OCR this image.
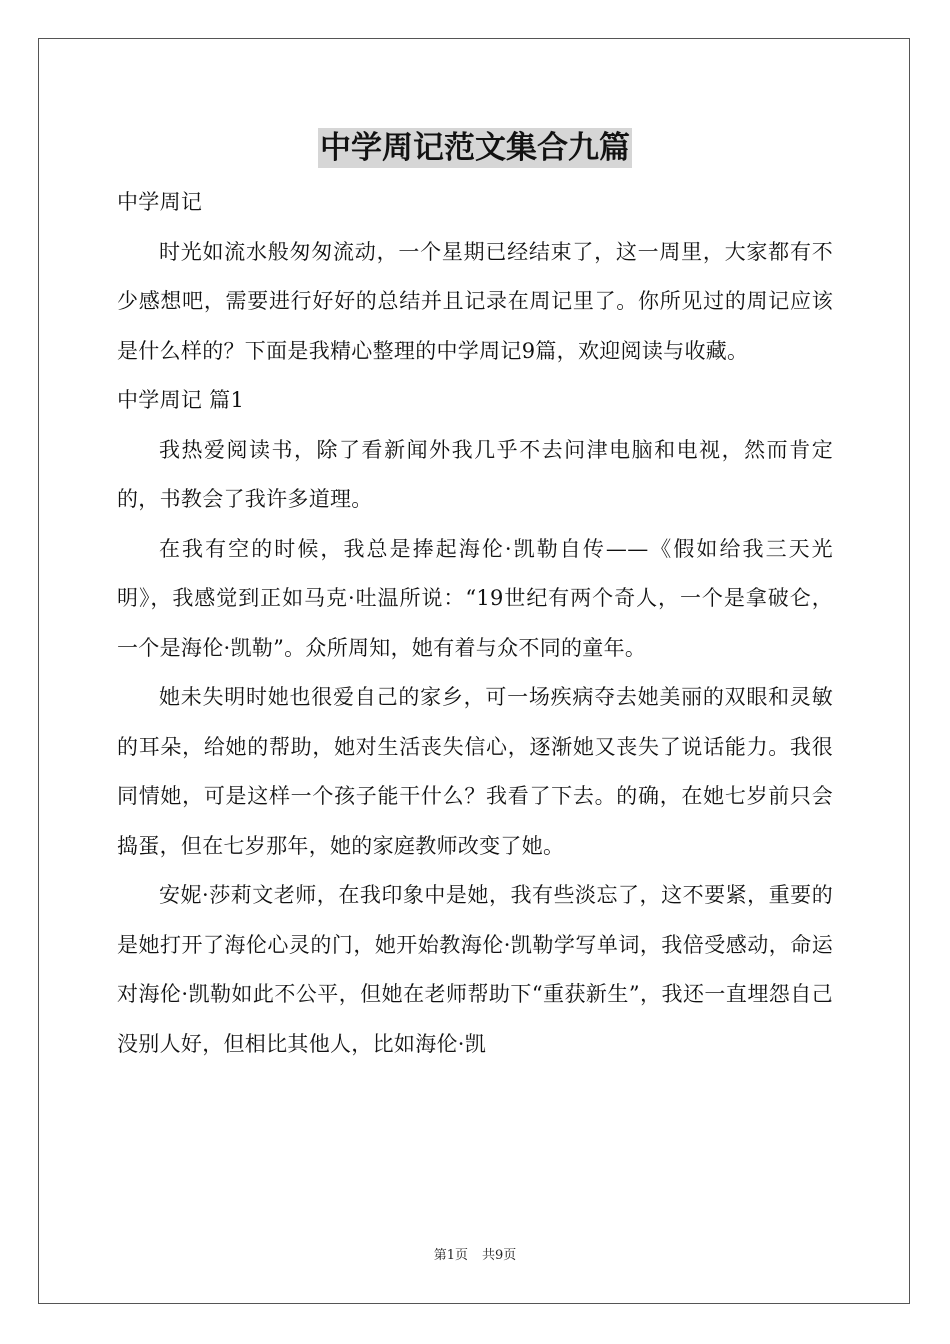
中学周记范文集合九篇

中学周记

时光如流水般匆匆流动，一个星期已经结束了，这一周里，大家都有不少感想吧，需要进行好好的总结并且记录在周记里了。你所见过的周记应该是什么样的？下面是我精心整理的中学周记9篇，欢迎阅读与收藏。

中学周记 篇1

我热爱阅读书，除了看新闻外我几乎不去问津电脑和电视，然而肯定的，书教会了我许多道理。

在我有空的时候，我总是捧起海伦·凯勒自传——《假如给我三天光明》，我感觉到正如马克·吐温所说：“19世纪有两个奇人，一个是拿破仑，一个是海伦·凯勒”。众所周知，她有着与众不同的童年。

她未失明时她也很爱自己的家乡，可一场疾病夺去她美丽的双眼和灵敏的耳朵，给她的帮助，她对生活丧失信心，逐渐她又丧失了说话能力。我很同情她，可是这样一个孩子能干什么？我看了下去。的确，在她七岁前只会捣蛋，但在七岁那年，她的家庭教师改变了她。

安妮·莎莉文老师，在我印象中是她，我有些淡忘了，这不要紧，重要的是她打开了海伦心灵的门，她开始教海伦·凯勒学写单词，我倍受感动，命运对海伦·凯勒如此不公平，但她在老师帮助下“重获新生”，我还一直埋怨自己没别人好，但相比其他人，比如海伦·凯

第1页 共9页
